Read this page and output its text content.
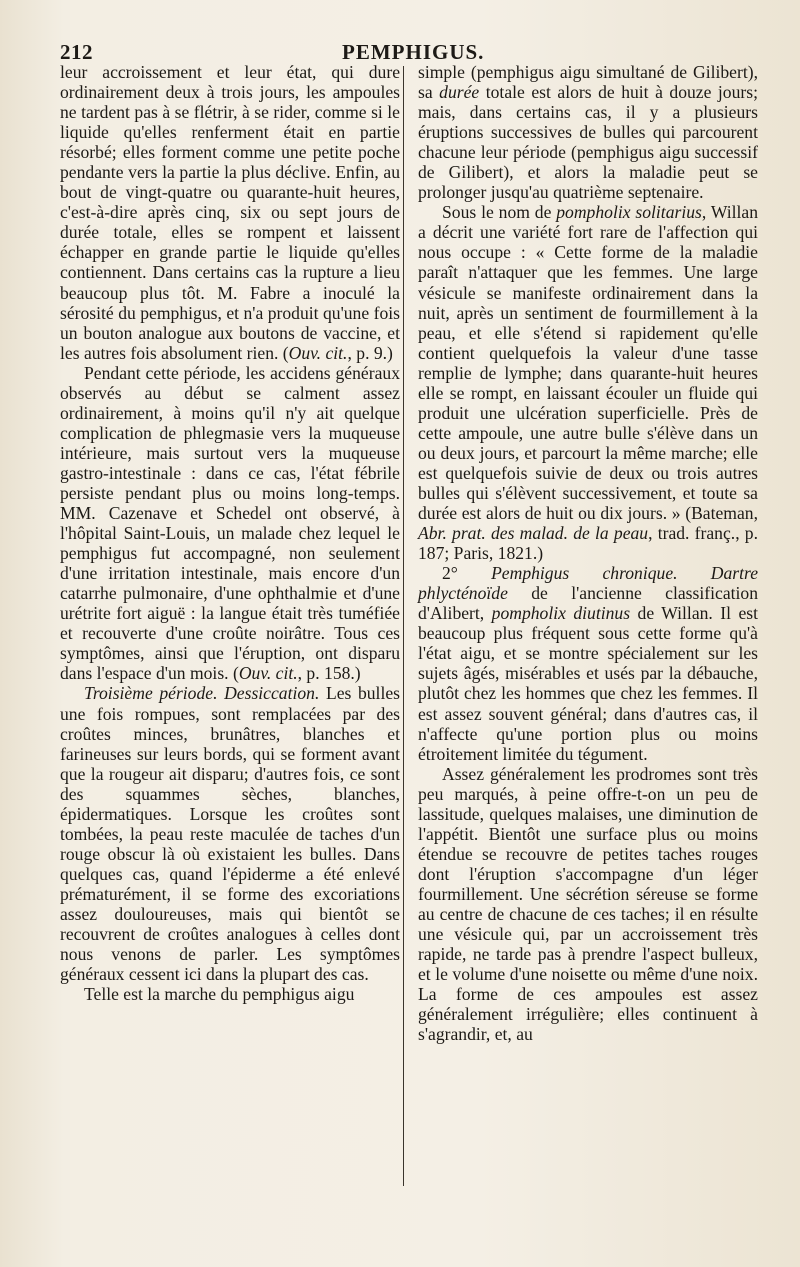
212	PEMPHIGUS.

leur accroissement et leur état, qui dure ordinairement deux à trois jours, les ampoules ne tardent pas à se flétrir, à se rider, comme si le liquide qu'elles renferment était en partie résorbé; elles forment comme une petite poche pendante vers la partie la plus déclive. Enfin, au bout de vingt-quatre ou quarante-huit heures, c'est-à-dire après cinq, six ou sept jours de durée totale, elles se rompent et laissent échapper en grande partie le liquide qu'elles contiennent. Dans certains cas la rupture a lieu beaucoup plus tôt. M. Fabre a inoculé la sérosité du pemphigus, et n'a produit qu'une fois un bouton analogue aux boutons de vaccine, et les autres fois absolument rien. (Ouv. cit., p. 9.)

Pendant cette période, les accidens généraux observés au début se calment assez ordinairement, à moins qu'il n'y ait quelque complication de phlegmasie vers la muqueuse intérieure, mais surtout vers la muqueuse gastro-intestinale : dans ce cas, l'état fébrile persiste pendant plus ou moins long-temps. MM. Cazenave et Schedel ont observé, à l'hôpital Saint-Louis, un malade chez lequel le pemphigus fut accompagné, non seulement d'une irritation intestinale, mais encore d'un catarrhe pulmonaire, d'une ophthalmie et d'une urétrite fort aiguë : la langue était très tuméfiée et recouverte d'une croûte noirâtre. Tous ces symptômes, ainsi que l'éruption, ont disparu dans l'espace d'un mois. (Ouv. cit., p. 158.)

Troisième période. Dessiccation. Les bulles une fois rompues, sont remplacées par des croûtes minces, brunâtres, blanches et farineuses sur leurs bords, qui se forment avant que la rougeur ait disparu; d'autres fois, ce sont des squammes sèches, blanches, épidermatiques. Lorsque les croûtes sont tombées, la peau reste maculée de taches d'un rouge obscur là où existaient les bulles. Dans quelques cas, quand l'épiderme a été enlevé prématurément, il se forme des excoriations assez douloureuses, mais qui bientôt se recouvrent de croûtes analogues à celles dont nous venons de parler. Les symptômes généraux cessent ici dans la plupart des cas.

Telle est la marche du pemphigus aigu

simple (pemphigus aigu simultané de Gilibert), sa durée totale est alors de huit à douze jours; mais, dans certains cas, il y a plusieurs éruptions successives de bulles qui parcourent chacune leur période (pemphigus aigu successif de Gilibert), et alors la maladie peut se prolonger jusqu'au quatrième septenaire.

Sous le nom de pompholix solitarius, Willan a décrit une variété fort rare de l'affection qui nous occupe : « Cette forme de la maladie paraît n'attaquer que les femmes. Une large vésicule se manifeste ordinairement dans la nuit, après un sentiment de fourmillement à la peau, et elle s'étend si rapidement qu'elle contient quelquefois la valeur d'une tasse remplie de lymphe; dans quarante-huit heures elle se rompt, en laissant écouler un fluide qui produit une ulcération superficielle. Près de cette ampoule, une autre bulle s'élève dans un ou deux jours, et parcourt la même marche; elle est quelquefois suivie de deux ou trois autres bulles qui s'élèvent successivement, et toute sa durée est alors de huit ou dix jours. » (Bateman, Abr. prat. des malad. de la peau, trad. franç., p. 187; Paris, 1821.)

2° Pemphigus chronique. Dartre phlycténoïde de l'ancienne classification d'Alibert, pompholix diutinus de Willan. Il est beaucoup plus fréquent sous cette forme qu'à l'état aigu, et se montre spécialement sur les sujets âgés, misérables et usés par la débauche, plutôt chez les hommes que chez les femmes. Il est assez souvent général; dans d'autres cas, il n'affecte qu'une portion plus ou moins étroitement limitée du tégument.

Assez généralement les prodromes sont très peu marqués, à peine offre-t-on un peu de lassitude, quelques malaises, une diminution de l'appétit. Bientôt une surface plus ou moins étendue se recouvre de petites taches rouges dont l'éruption s'accompagne d'un léger fourmillement. Une sécrétion séreuse se forme au centre de chacune de ces taches; il en résulte une vésicule qui, par un accroissement très rapide, ne tarde pas à prendre l'aspect bulleux, et le volume d'une noisette ou même d'une noix. La forme de ces ampoules est assez généralement irrégulière; elles continuent à s'agrandir, et, au
